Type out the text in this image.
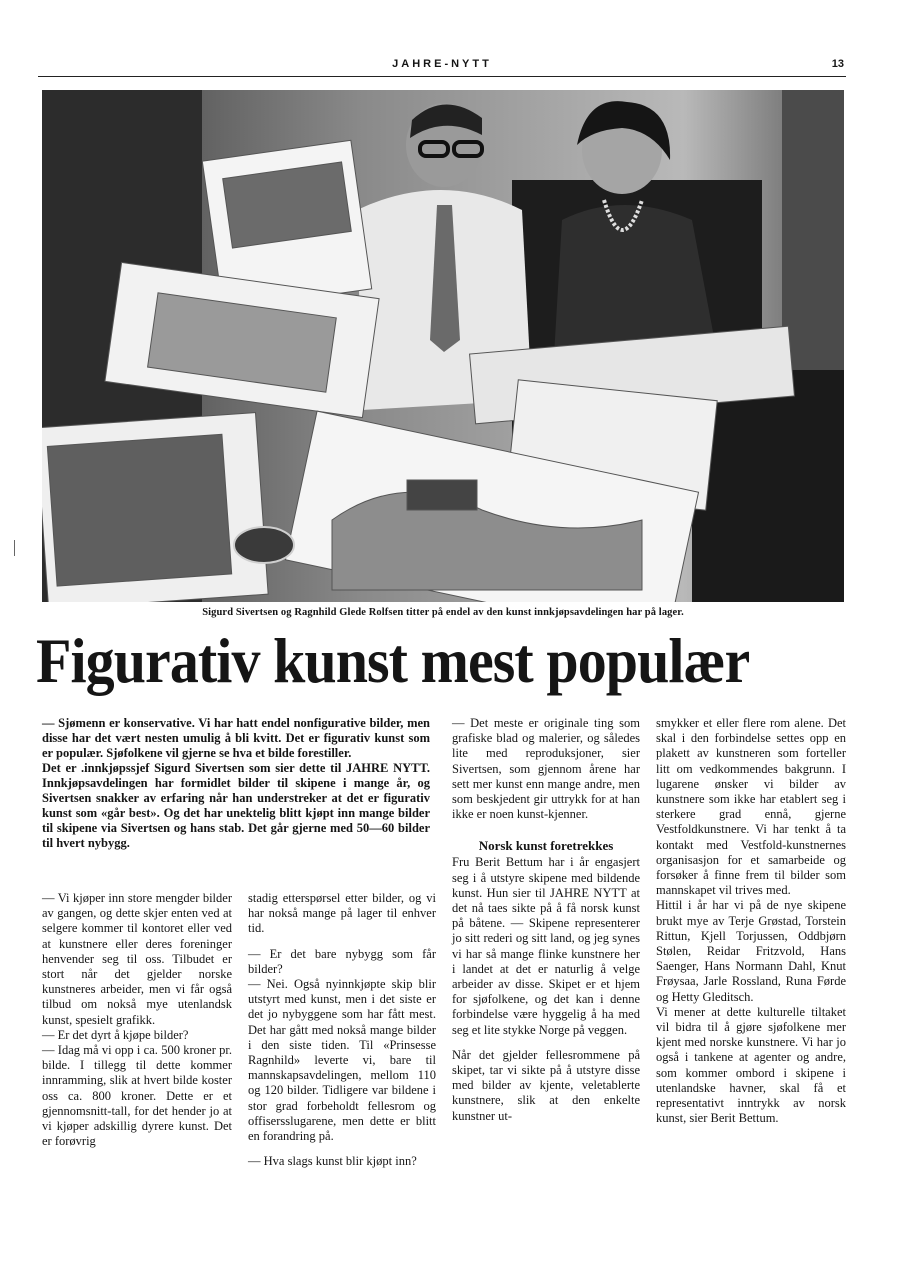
JAHRE-NYTT	13
Sigurd Sivertsen og Ragnhild Glede Rolfsen titter på endel av den kunst innkjøpsavdelingen har på lager.
Figurativ kunst mest populær

— Sjømenn er konservative. Vi har hatt endel nonfigurative bilder, men disse har det vært nesten umulig å bli kvitt. Det er figurativ kunst som er populær. Sjøfolkene vil gjerne se hva et bilde forestiller.

Det er .innkjøpssjef Sigurd Sivertsen som sier dette til JAHRE NYTT. Innkjøpsavdelingen har formidlet bilder til skipene i mange år, og Sivertsen snakker av erfaring når han understreker at det er figurativ kunst som «går best». Og det har unektelig blitt kjøpt inn mange bilder til skipene via Sivertsen og hans stab. Det går gjerne med 50—60 bilder til hvert nybygg.

— Vi kjøper inn store mengder bilder av gangen, og dette skjer enten ved at selgere kommer til kontoret eller ved at kunstnere eller deres foreninger henvender seg til oss. Tilbudet er stort når det gjelder norske kunstneres arbeider, men vi får også tilbud om nokså mye utenlandsk kunst, spesielt grafikk.

— Er det dyrt å kjøpe bilder?

— Idag må vi opp i ca. 500 kroner pr. bilde. I tillegg til dette kommer innramming, slik at hvert bilde koster oss ca. 800 kroner. Dette er et gjennomsnitt-tall, for det hender jo at vi kjøper adskillig dyrere kunst. Det er forøvrig

stadig etterspørsel etter bilder, og vi har nokså mange på lager til enhver tid.

— Er det bare nybygg som får bilder?

— Nei. Også nyinnkjøpte skip blir utstyrt med kunst, men i det siste er det jo nybyggene som har fått mest. Det har gått med nokså mange bilder i den siste tiden. Til «Prinsesse Ragnhild» leverte vi, bare til mannskapsavdelingen, mellom 110 og 120 bilder. Tidligere var bildene i stor grad forbeholdt fellesrom og offisersslugarene, men dette er blitt en forandring på.

— Hva slags kunst blir kjøpt inn?

— Det meste er originale ting som grafiske blad og malerier, og således lite med reproduksjoner, sier Sivertsen, som gjennom årene har sett mer kunst enn mange andre, men som beskjedent gir uttrykk for at han ikke er noen kunst-kjenner.

Norsk kunst foretrekkes

Fru Berit Bettum har i år engasjert seg i å utstyre skipene med bildende kunst. Hun sier til JAHRE NYTT at det nå taes sikte på å få norsk kunst på båtene. — Skipene representerer jo sitt rederi og sitt land, og jeg synes vi har så mange flinke kunstnere her i landet at det er naturlig å velge arbeider av disse. Skipet er et hjem for sjøfolkene, og det kan i denne forbindelse være hyggelig å ha med seg et lite stykke Norge på veggen.

Når det gjelder fellesrommene på skipet, tar vi sikte på å utstyre disse med bilder av kjente, veletablerte kunstnere, slik at den enkelte kunstner ut-

smykker et eller flere rom alene. Det skal i den forbindelse settes opp en plakett av kunstneren som forteller litt om vedkommendes bakgrunn. I lugarene ønsker vi bilder av kunstnere som ikke har etablert seg i sterkere grad ennå, gjerne Vestfoldkunstnere. Vi har tenkt å ta kontakt med Vestfold-kunstnernes organisasjon for et samarbeide og forsøker å finne frem til bilder som mannskapet vil trives med.

Hittil i år har vi på de nye skipene brukt mye av Terje Grøstad, Torstein Rittun, Kjell Torjussen, Oddbjørn Stølen, Reidar Fritzvold, Hans Saenger, Hans Normann Dahl, Knut Frøysaa, Jarle Rossland, Runa Førde og Hetty Gleditsch.

Vi mener at dette kulturelle tiltaket vil bidra til å gjøre sjøfolkene mer kjent med norske kunstnere. Vi har jo også i tankene at agenter og andre, som kommer ombord i skipene i utenlandske havner, skal få et representativt inntrykk av norsk kunst, sier Berit Bettum.
